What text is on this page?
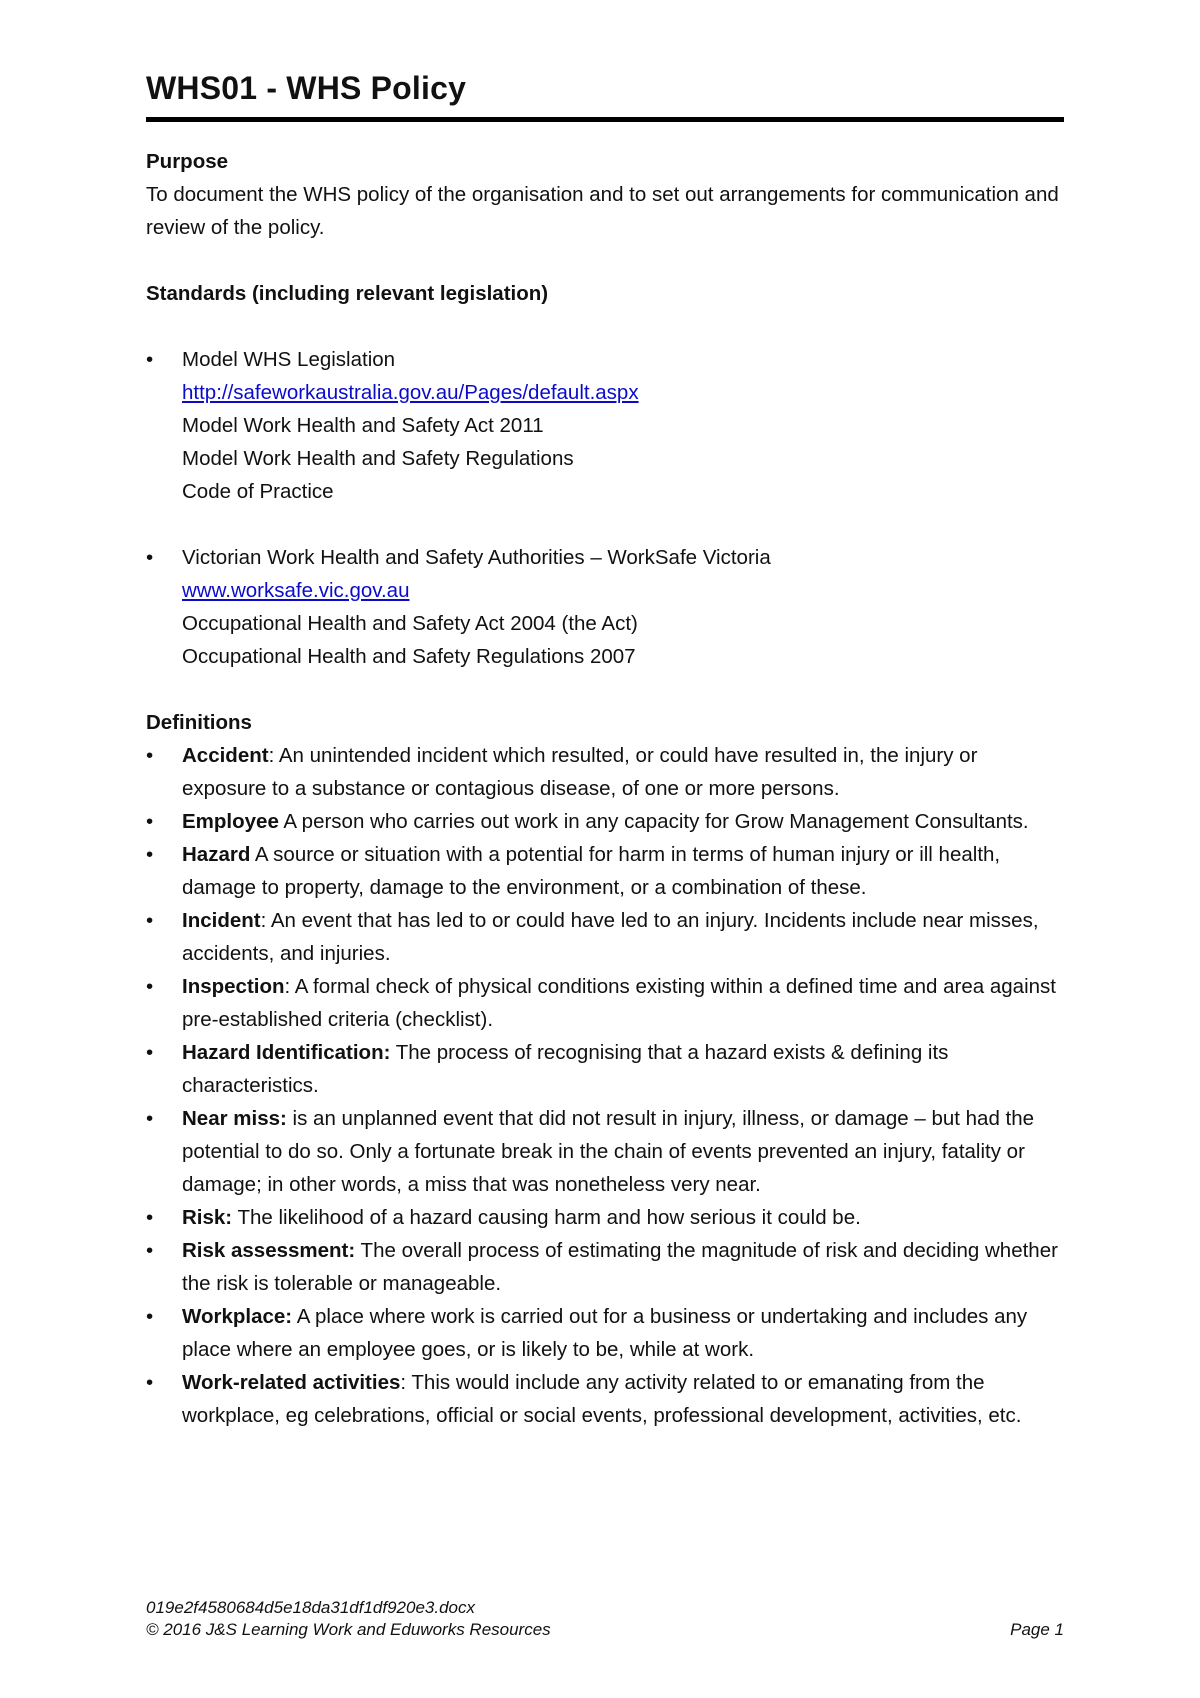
WHS01 - WHS Policy

Purpose

To document the WHS policy of the organisation and to set out arrangements for communication and review of the policy.

Standards (including relevant legislation)

•	Model WHS Legislation
http://safeworkaustralia.gov.au/Pages/default.aspx
Model Work Health and Safety Act 2011
Model Work Health and Safety Regulations
Code of Practice
•	Victorian Work Health and Safety Authorities – WorkSafe Victoria
www.worksafe.vic.gov.au
Occupational Health and Safety Act 2004 (the Act)
Occupational Health and Safety Regulations 2007

Definitions

•	Accident: An unintended incident which resulted, or could have resulted in, the injury or exposure to a substance or contagious disease, of one or more persons.
•	Employee A person who carries out work in any capacity for Grow Management Consultants.
•	Hazard A source or situation with a potential for harm in terms of human injury or ill health, damage to property, damage to the environment, or a combination of these.
•	Incident: An event that has led to or could have led to an injury. Incidents include near misses, accidents, and injuries.
•	Inspection: A formal check of physical conditions existing within a defined time and area against pre-established criteria (checklist).
•	Hazard Identification: The process of recognising that a hazard exists & defining its characteristics.
•	Near miss: is an unplanned event that did not result in injury, illness, or damage – but had the potential to do so. Only a fortunate break in the chain of events prevented an injury, fatality or damage; in other words, a miss that was nonetheless very near.
•	Risk: The likelihood of a hazard causing harm and how serious it could be.
•	Risk assessment: The overall process of estimating the magnitude of risk and deciding whether the risk is tolerable or manageable.
•	Workplace: A place where work is carried out for a business or undertaking and includes any place where an employee goes, or is likely to be, while at work.
•	Work-related activities: This would include any activity related to or emanating from the workplace, eg celebrations, official or social events, professional development, activities, etc.
019e2f4580684d5e18da31df1df920e3.docx
© 2016 J&S Learning Work and Eduworks Resources	Page 1
